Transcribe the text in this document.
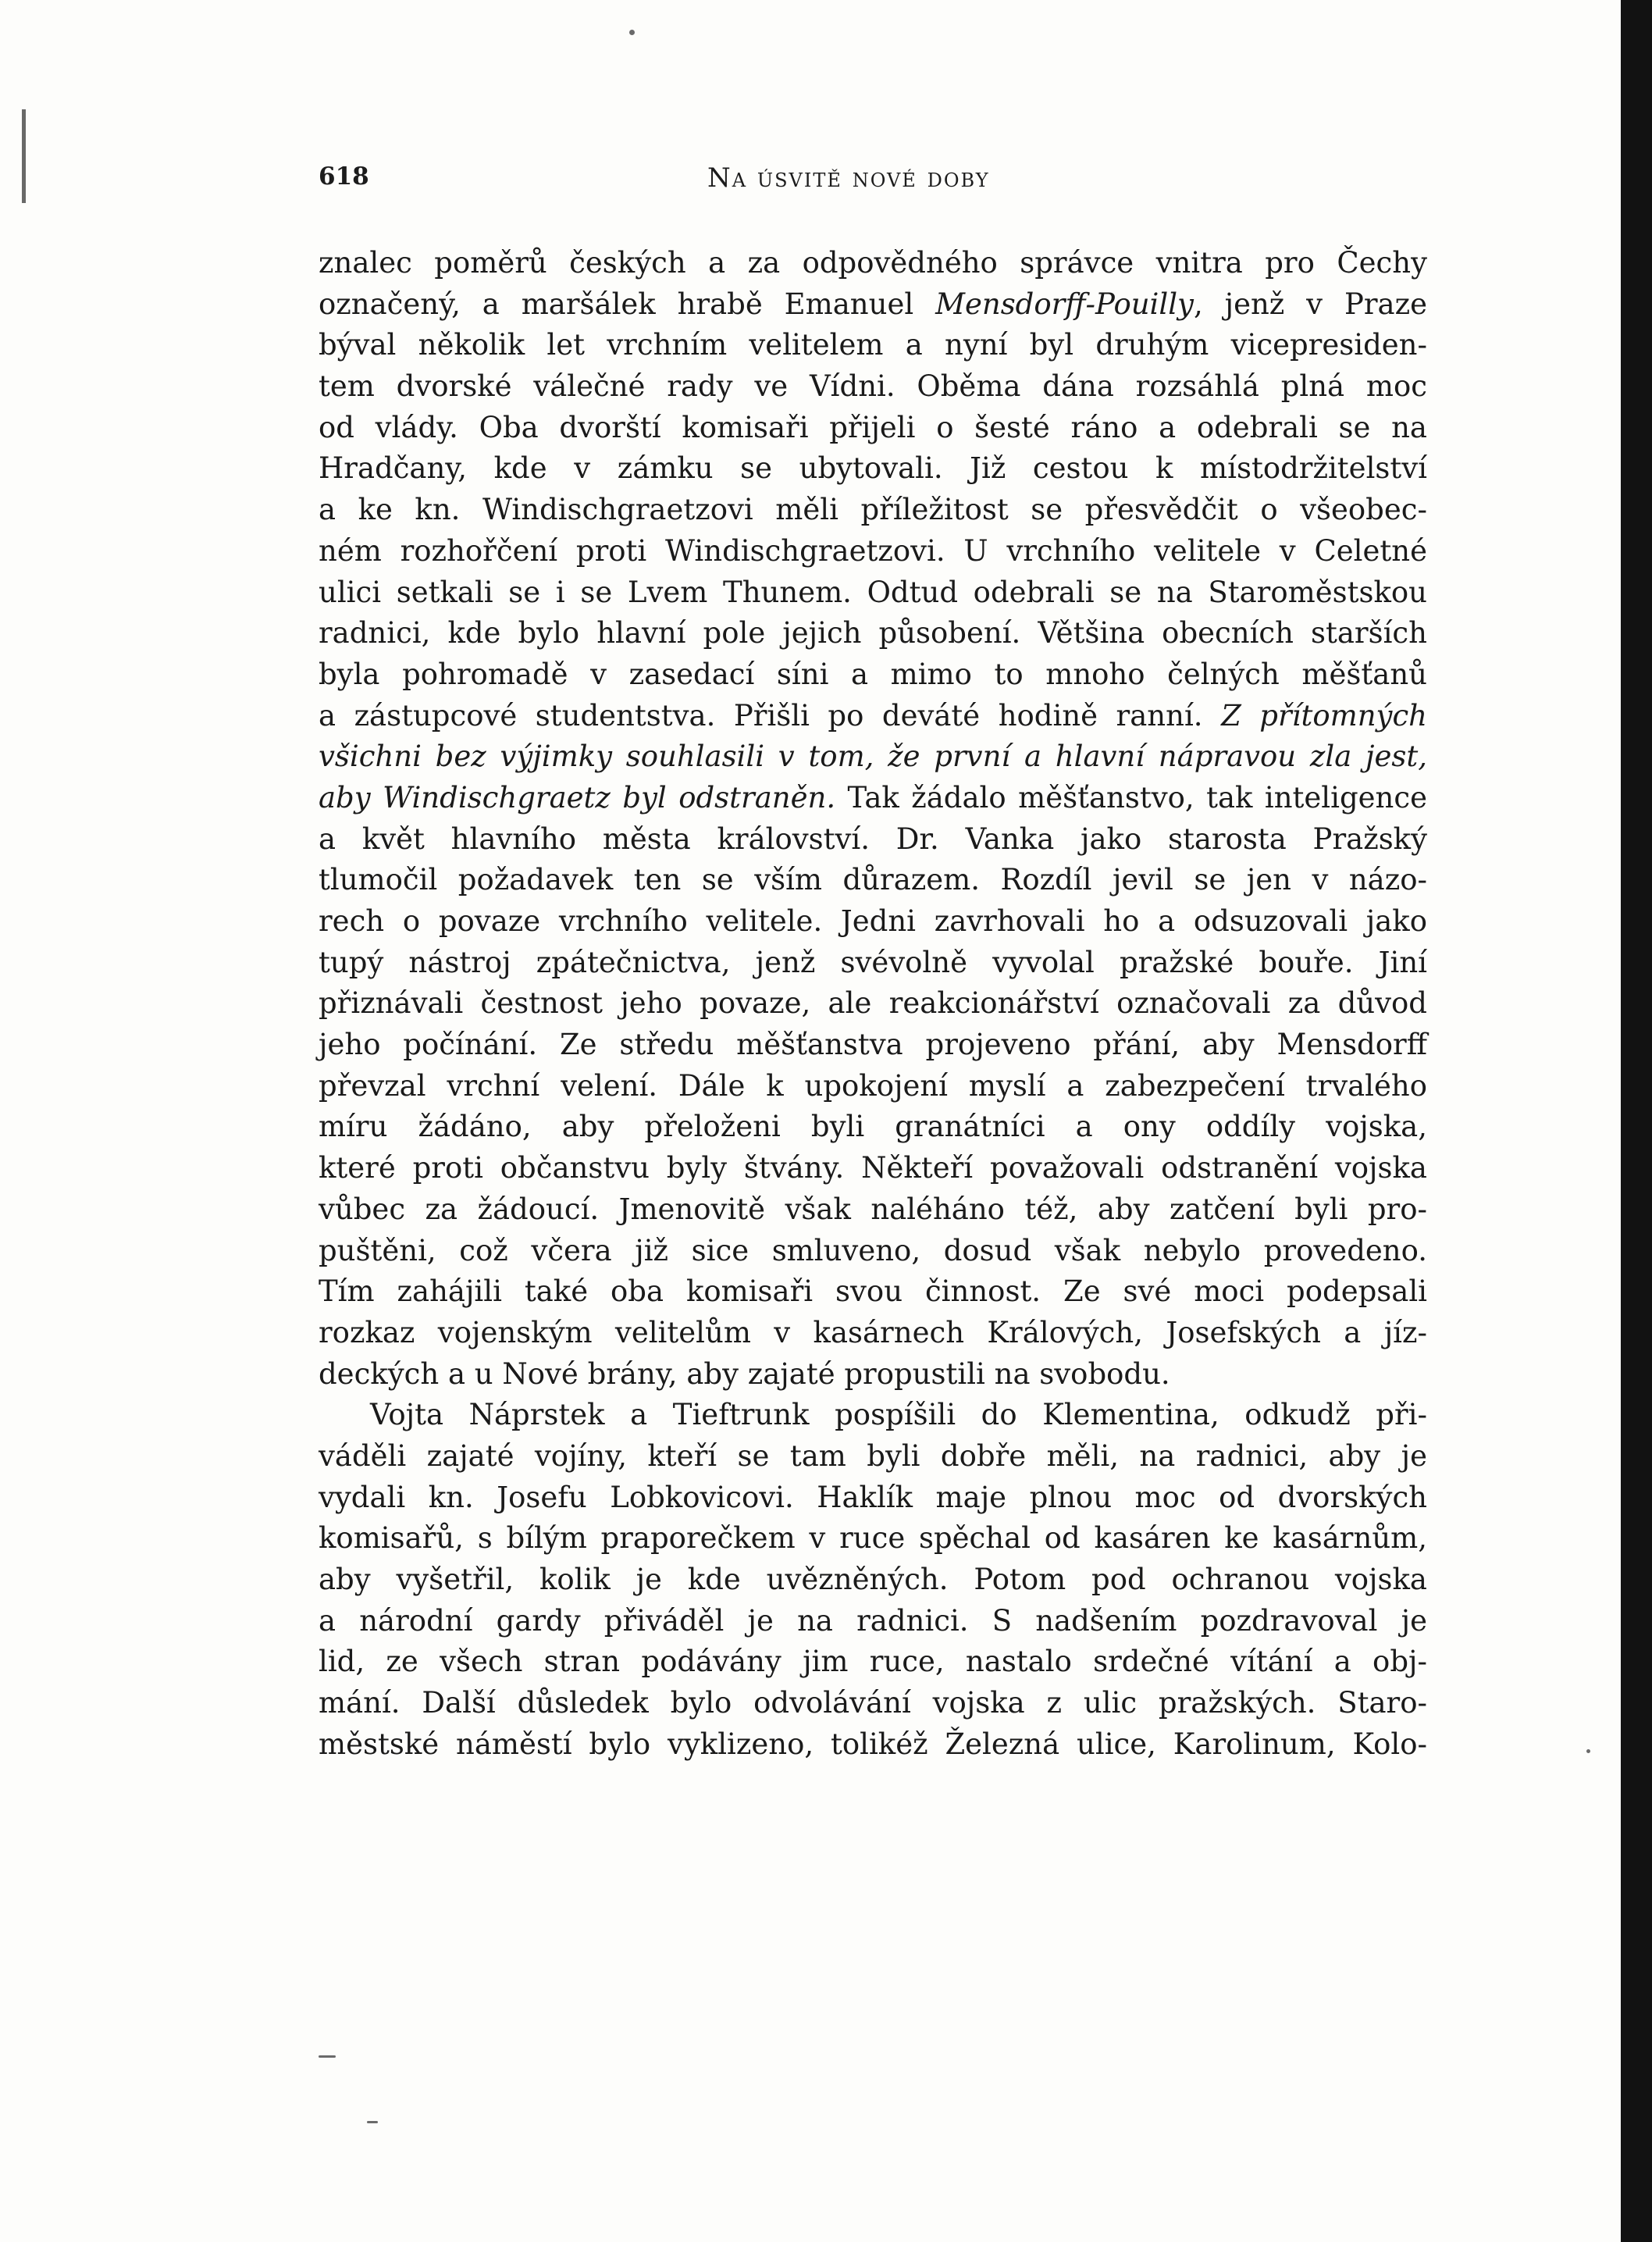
618	Na úsvitě nové doby
znalec poměrů českých a za odpovědného správce vnitra pro Čechy
označený, a maršálek hrabě Emanuel Mensdorff-Pouilly, jenž v Praze
býval několik let vrchním velitelem a nyní byl druhým vicepresiden-
tem dvorské válečné rady ve Vídni. Oběma dána rozsáhlá plná moc
od vlády. Oba dvorští komisaři přijeli o šesté ráno a odebrali se na
Hradčany, kde v zámku se ubytovali. Již cestou k místodržitelství
a ke kn. Windischgraetzovi měli příležitost se přesvědčit o všeobec-
ném rozhořčení proti Windischgraetzovi. U vrchního velitele v Celetné
ulici setkali se i se Lvem Thunem. Odtud odebrali se na Staroměstskou
radnici, kde bylo hlavní pole jejich působení. Většina obecních starších
byla pohromadě v zasedací síni a mimo to mnoho čelných měšťanů
a zástupcové studentstva. Přišli po deváté hodině ranní. Z přítomných
všichni bez výjimky souhlasili v tom, že první a hlavní nápravou zla jest,
aby Windischgraetz byl odstraněn. Tak žádalo měšťanstvo, tak inteligence
a květ hlavního města království. Dr. Vanka jako starosta Pražský
tlumočil požadavek ten se vším důrazem. Rozdíl jevil se jen v názo-
rech o povaze vrchního velitele. Jedni zavrhovali ho a odsuzovali jako
tupý nástroj zpátečnictva, jenž svévolně vyvolal pražské bouře. Jiní
přiznávali čestnost jeho povaze, ale reakcionářství označovali za důvod
jeho počínání. Ze středu měšťanstva projeveno přání, aby Mensdorff
převzal vrchní velení. Dále k upokojení myslí a zabezpečení trvalého
míru žádáno, aby přeloženi byli granátníci a ony oddíly vojska,
které proti občanstvu byly štvány. Někteří považovali odstranění vojska
vůbec za žádoucí. Jmenovitě však naléháno též, aby zatčení byli pro-
puštěni, což včera již sice smluveno, dosud však nebylo provedeno.
Tím zahájili také oba komisaři svou činnost. Ze své moci podepsali
rozkaz vojenským velitelům v kasárnech Králových, Josefských a jíz-
deckých a u Nové brány, aby zajaté propustili na svobodu.
Vojta Náprstek a Tieftrunk pospíšili do Klementina, odkudž při-
váděli zajaté vojíny, kteří se tam byli dobře měli, na radnici, aby je
vydali kn. Josefu Lobkovicovi. Haklík maje plnou moc od dvorských
komisařů, s bílým praporečkem v ruce spěchal od kasáren ke kasárnům,
aby vyšetřil, kolik je kde uvězněných. Potom pod ochranou vojska
a národní gardy přiváděl je na radnici. S nadšením pozdravoval je
lid, ze všech stran podávány jim ruce, nastalo srdečné vítání a obj-
mání. Další důsledek bylo odvolávání vojska z ulic pražských. Staro-
městské náměstí bylo vyklizeno, tolikéž Železná ulice, Karolinum, Kolo-
